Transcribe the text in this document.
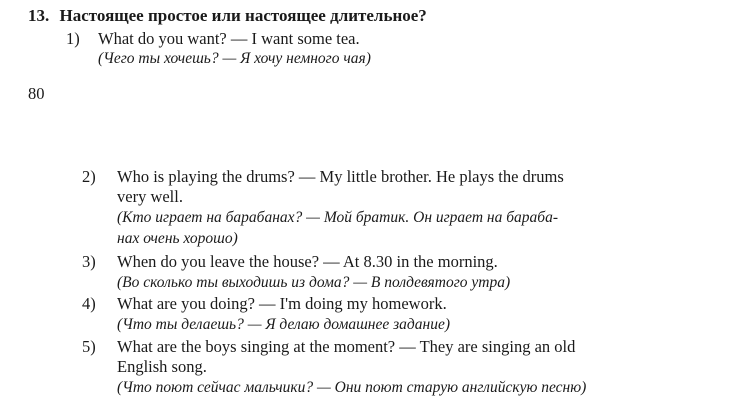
13. Настоящее простое или настоящее длительное?
1) What do you want? — I want some tea.
(Чего ты хочешь? — Я хочу немного чая)
80
2) Who is playing the drums? — My little brother. He plays the drums
very well.
(Кто играет на барабанах? — Мой братик. Он играет на бараба-
нах очень хорошо)
3) When do you leave the house? — At 8.30 in the morning.
(Во сколько ты выходишь из дома? — В полдевятого утра)
4) What are you doing? — I'm doing my homework.
(Что ты делаешь? — Я делаю домашнее задание)
5) What are the boys singing at the moment? — They are singing an old
English song.
(Что поют сейчас мальчики? — Они поют старую английскую песню)
